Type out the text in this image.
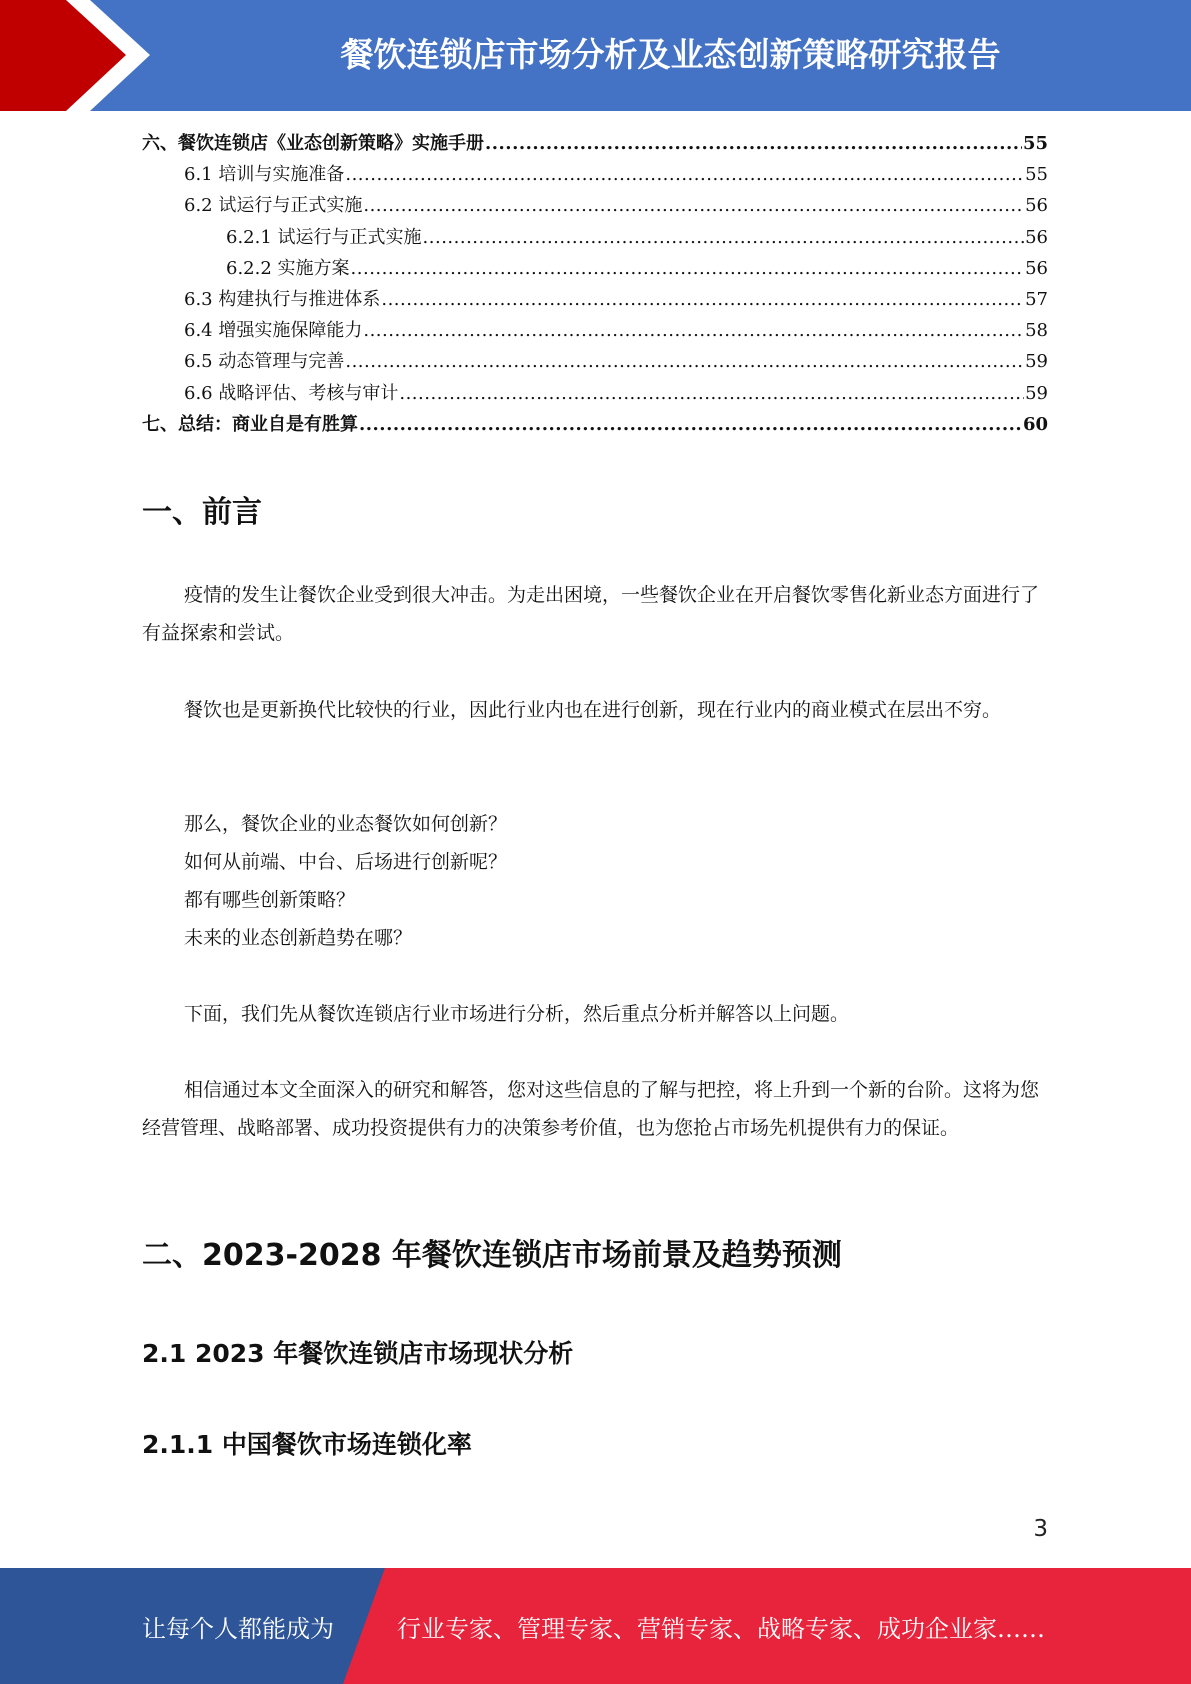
餐饮连锁店市场分析及业态创新策略研究报告
六、餐饮连锁店《业态创新策略》实施手册 .....	55
6.1 培训与实施准备 .....	55
6.2 试运行与正式实施 .....	56
6.2.1 试运行与正式实施 .....	56
6.2.2 实施方案 .....	56
6.3 构建执行与推进体系 .....	57
6.4 增强实施保障能力 .....	58
6.5 动态管理与完善 .....	59
6.6 战略评估、考核与审计 .....	59
七、总结：商业自是有胜算 .....	60
一、前言

疫情的发生让餐饮企业受到很大冲击。为走出困境，一些餐饮企业在开启餐饮零售化新业态方面进行了有益探索和尝试。

餐饮也是更新换代比较快的行业，因此行业内也在进行创新，现在行业内的商业模式在层出不穷。

那么，餐饮企业的业态餐饮如何创新？

如何从前端、中台、后场进行创新呢？

都有哪些创新策略？

未来的业态创新趋势在哪？

下面，我们先从餐饮连锁店行业市场进行分析，然后重点分析并解答以上问题。

相信通过本文全面深入的研究和解答，您对这些信息的了解与把控，将上升到一个新的台阶。这将为您经营管理、战略部署、成功投资提供有力的决策参考价值，也为您抢占市场先机提供有力的保证。

二、2023-2028 年餐饮连锁店市场前景及趋势预测
2.1 2023 年餐饮连锁店市场现状分析
2.1.1 中国餐饮市场连锁化率
3
让每个人都能成为	行业专家、管理专家、营销专家、战略专家、成功企业家……
